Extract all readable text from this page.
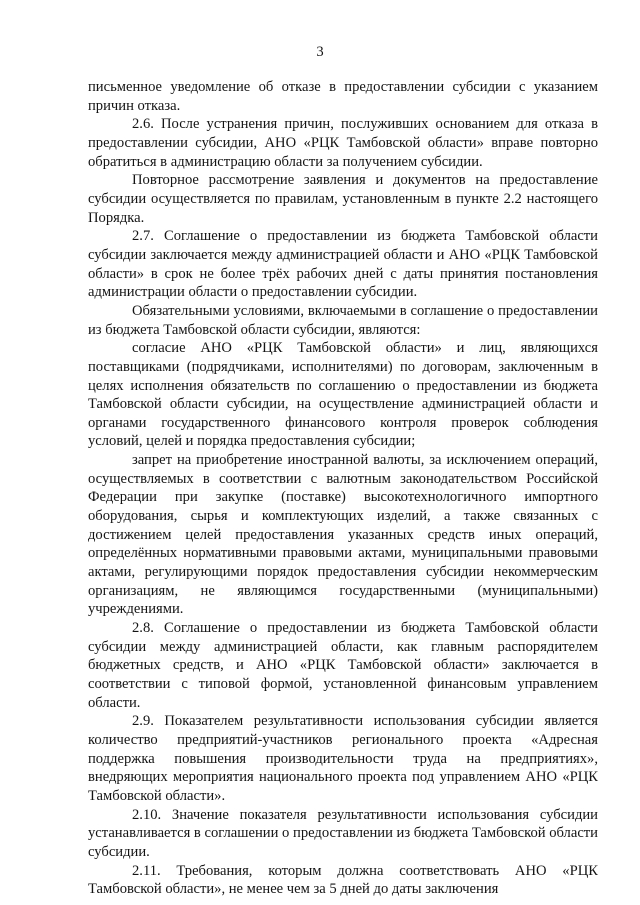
3

письменное уведомление об отказе в предоставлении субсидии с указанием причин отказа.

2.6. После устранения причин, послуживших основанием для отказа в предоставлении субсидии, АНО «РЦК Тамбовской области» вправе повторно обратиться в администрацию области за получением субсидии.

Повторное рассмотрение заявления и документов на предоставление субсидии осуществляется по правилам, установленным в пункте 2.2 настоящего Порядка.

2.7. Соглашение о предоставлении из бюджета Тамбовской области субсидии заключается между администрацией области и АНО «РЦК Тамбовской области» в срок не более трёх рабочих дней с даты принятия постановления администрации области о предоставлении субсидии.

Обязательными условиями, включаемыми в соглашение о предоставлении из бюджета Тамбовской области субсидии, являются:

согласие АНО «РЦК Тамбовской области» и лиц, являющихся поставщиками (подрядчиками, исполнителями) по договорам, заключенным в целях исполнения обязательств по соглашению о предоставлении из бюджета Тамбовской области субсидии, на осуществление администрацией области и органами государственного финансового контроля проверок соблюдения условий, целей и порядка предоставления субсидии;

запрет на приобретение иностранной валюты, за исключением операций, осуществляемых в соответствии с валютным законодательством Российской Федерации при закупке (поставке) высокотехнологичного импортного оборудования, сырья и комплектующих изделий, а также связанных с достижением целей предоставления указанных средств иных операций, определённых нормативными правовыми актами, муниципальными правовыми актами, регулирующими порядок предоставления субсидии некоммерческим организациям, не являющимся государственными (муниципальными) учреждениями.

2.8. Соглашение о предоставлении из бюджета Тамбовской области субсидии между администрацией области, как главным распорядителем бюджетных средств, и АНО «РЦК Тамбовской области» заключается в соответствии с типовой формой, установленной финансовым управлением области.

2.9. Показателем результативности использования субсидии является количество предприятий-участников регионального проекта «Адресная поддержка повышения производительности труда на предприятиях», внедряющих мероприятия национального проекта под управлением АНО «РЦК Тамбовской области».

2.10. Значение показателя результативности использования субсидии устанавливается в соглашении о предоставлении из бюджета Тамбовской области субсидии.

2.11. Требования, которым должна соответствовать АНО «РЦК Тамбовской области», не менее чем за 5 дней до даты заключения
